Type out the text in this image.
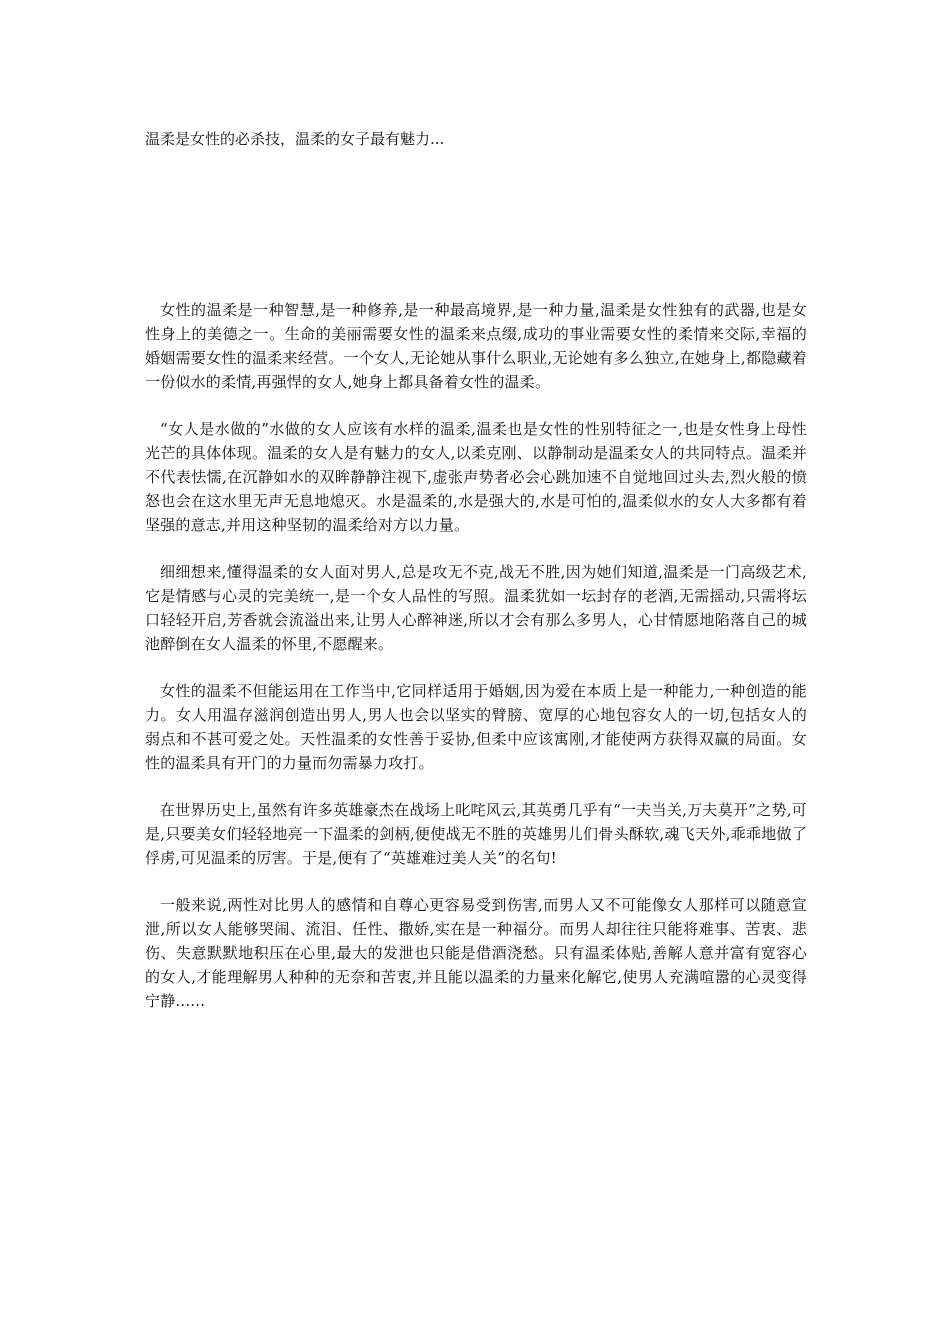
温柔是女性的必杀技，温柔的女子最有魅力...

女性的温柔是一种智慧,是一种修养,是一种最高境界,是一种力量,温柔是女性独有的武器,也是女性身上的美德之一。生命的美丽需要女性的温柔来点缀,成功的事业需要女性的柔情来交际,幸福的婚姻需要女性的温柔来经营。一个女人,无论她从事什么职业,无论她有多么独立,在她身上,都隐藏着一份似水的柔情,再强悍的女人,她身上都具备着女性的温柔。

“女人是水做的”水做的女人应该有水样的温柔,温柔也是女性的性别特征之一,也是女性身上母性光芒的具体体现。温柔的女人是有魅力的女人,以柔克刚、以静制动是温柔女人的共同特点。温柔并不代表怯懦,在沉静如水的双眸静静注视下,虚张声势者必会心跳加速不自觉地回过头去,烈火般的愤怒也会在这水里无声无息地熄灭。水是温柔的,水是强大的,水是可怕的,温柔似水的女人大多都有着坚强的意志,并用这种坚韧的温柔给对方以力量。

细细想来,懂得温柔的女人面对男人,总是攻无不克,战无不胜,因为她们知道,温柔是一门高级艺术,它是情感与心灵的完美统一,是一个女人品性的写照。温柔犹如一坛封存的老酒,无需摇动,只需将坛口轻轻开启,芳香就会流溢出来,让男人心醉神迷,所以才会有那么多男人，心甘情愿地陷落自己的城池醉倒在女人温柔的怀里,不愿醒来。

女性的温柔不但能运用在工作当中,它同样适用于婚姻,因为爱在本质上是一种能力,一种创造的能力。女人用温存滋润创造出男人,男人也会以坚实的臂膀、宽厚的心地包容女人的一切,包括女人的弱点和不甚可爱之处。天性温柔的女性善于妥协,但柔中应该寓刚,才能使两方获得双赢的局面。女性的温柔具有开门的力量而勿需暴力攻打。

在世界历史上,虽然有许多英雄豪杰在战场上叱咤风云,其英勇几乎有“一夫当关,万夫莫开”之势,可是,只要美女们轻轻地亮一下温柔的剑柄,便使战无不胜的英雄男儿们骨头酥软,魂飞天外,乖乖地做了俘虏,可见温柔的厉害。于是,便有了“英雄难过美人关”的名句!

一般来说,两性对比男人的感情和自尊心更容易受到伤害,而男人又不可能像女人那样可以随意宣泄,所以女人能够哭闹、流泪、任性、撒娇,实在是一种福分。而男人却往往只能将难事、苦衷、悲伤、失意默默地积压在心里,最大的发泄也只能是借酒浇愁。只有温柔体贴,善解人意并富有宽容心的女人,才能理解男人种种的无奈和苦衷,并且能以温柔的力量来化解它,使男人充满喧嚣的心灵变得宁静......
